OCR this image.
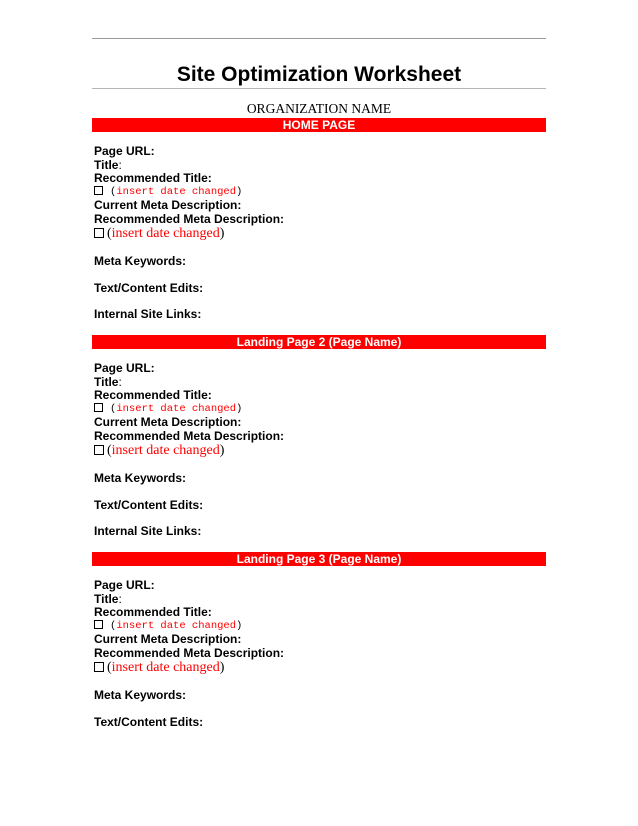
Site Optimization Worksheet
ORGANIZATION NAME
HOME PAGE
Page URL:
Title:
Recommended Title:
(insert date changed)
Current Meta Description:
Recommended Meta Description:
(insert date changed)
Meta Keywords:
Text/Content Edits:
Internal Site Links:
Landing Page 2 (Page Name)
Page URL:
Title:
Recommended Title:
(insert date changed)
Current Meta Description:
Recommended Meta Description:
(insert date changed)
Meta Keywords:
Text/Content Edits:
Internal Site Links:
Landing Page 3 (Page Name)
Page URL:
Title:
Recommended Title:
(insert date changed)
Current Meta Description:
Recommended Meta Description:
(insert date changed)
Meta Keywords:
Text/Content Edits:
